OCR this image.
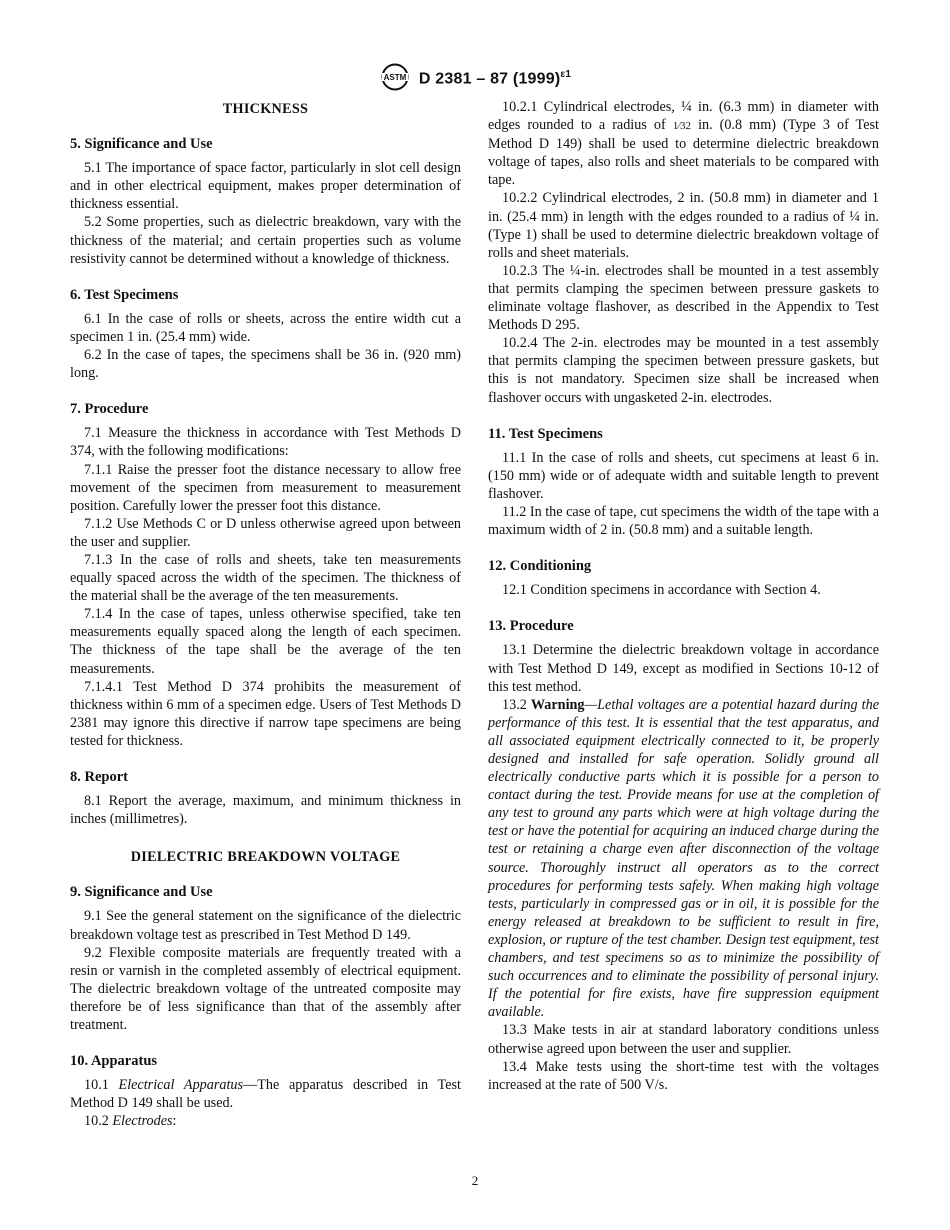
ASTM D 2381 – 87 $(1999)^{\varepsilon 1}$

THICKNESS

5. Significance and Use

5.1 The importance of space factor, particularly in slot cell design and in other electrical equipment, makes proper determination of thickness essential.

5.2 Some properties, such as dielectric breakdown, vary with the thickness of the material; and certain properties such as volume resistivity cannot be determined without a knowledge of thickness.

6. Test Specimens

6.1 In the case of rolls or sheets, across the entire width cut a specimen 1 in. (25.4 mm) wide.

6.2 In the case of tapes, the specimens shall be 36 in. (920 mm) long.

7. Procedure

7.1 Measure the thickness in accordance with Test Methods D 374, with the following modifications:

7.1.1 Raise the presser foot the distance necessary to allow free movement of the specimen from measurement to measurement position. Carefully lower the presser foot this distance.

7.1.2 Use Methods C or D unless otherwise agreed upon between the user and supplier.

7.1.3 In the case of rolls and sheets, take ten measurements equally spaced across the width of the specimen. The thickness of the material shall be the average of the ten measurements.

7.1.4 In the case of tapes, unless otherwise specified, take ten measurements equally spaced along the length of each specimen. The thickness of the tape shall be the average of the ten measurements.

7.1.4.1 Test Method D 374 prohibits the measurement of thickness within 6 mm of a specimen edge. Users of Test Methods D 2381 may ignore this directive if narrow tape specimens are being tested for thickness.

8. Report

8.1 Report the average, maximum, and minimum thickness in inches (millimetres).

DIELECTRIC BREAKDOWN VOLTAGE

9. Significance and Use

9.1 See the general statement on the significance of the dielectric breakdown voltage test as prescribed in Test Method D 149.

9.2 Flexible composite materials are frequently treated with a resin or varnish in the completed assembly of electrical equipment. The dielectric breakdown voltage of the untreated composite may therefore be of less significance than that of the assembly after treatment.

10. Apparatus

10.1 Electrical Apparatus—The apparatus described in Test Method D 149 shall be used.

10.2 Electrodes:

10.2.1 Cylindrical electrodes, ¼ in. (6.3 mm) in diameter with edges rounded to a radius of 1⁄32 in. (0.8 mm) (Type 3 of Test Method D 149) shall be used to determine dielectric breakdown voltage of tapes, also rolls and sheet materials to be compared with tape.

10.2.2 Cylindrical electrodes, 2 in. (50.8 mm) in diameter and 1 in. (25.4 mm) in length with the edges rounded to a radius of ¼ in. (Type 1) shall be used to determine dielectric breakdown voltage of rolls and sheet materials.

10.2.3 The ¼-in. electrodes shall be mounted in a test assembly that permits clamping the specimen between pressure gaskets to eliminate voltage flashover, as described in the Appendix to Test Methods D 295.

10.2.4 The 2-in. electrodes may be mounted in a test assembly that permits clamping the specimen between pressure gaskets, but this is not mandatory. Specimen size shall be increased when flashover occurs with ungasketed 2-in. electrodes.

11. Test Specimens

11.1 In the case of rolls and sheets, cut specimens at least 6 in. (150 mm) wide or of adequate width and suitable length to prevent flashover.

11.2 In the case of tape, cut specimens the width of the tape with a maximum width of 2 in. (50.8 mm) and a suitable length.

12. Conditioning

12.1 Condition specimens in accordance with Section 4.

13. Procedure

13.1 Determine the dielectric breakdown voltage in accordance with Test Method D 149, except as modified in Sections 10-12 of this test method.

13.2 Warning—Lethal voltages are a potential hazard during the performance of this test. It is essential that the test apparatus, and all associated equipment electrically connected to it, be properly designed and installed for safe operation. Solidly ground all electrically conductive parts which it is possible for a person to contact during the test. Provide means for use at the completion of any test to ground any parts which were at high voltage during the test or have the potential for acquiring an induced charge during the test or retaining a charge even after disconnection of the voltage source. Thoroughly instruct all operators as to the correct procedures for performing tests safely. When making high voltage tests, particularly in compressed gas or in oil, it is possible for the energy released at breakdown to be sufficient to result in fire, explosion, or rupture of the test chamber. Design test equipment, test chambers, and test specimens so as to minimize the possibility of such occurrences and to eliminate the possibility of personal injury. If the potential for fire exists, have fire suppression equipment available.

13.3 Make tests in air at standard laboratory conditions unless otherwise agreed upon between the user and supplier.

13.4 Make tests using the short-time test with the voltages increased at the rate of 500 V/s.

2
